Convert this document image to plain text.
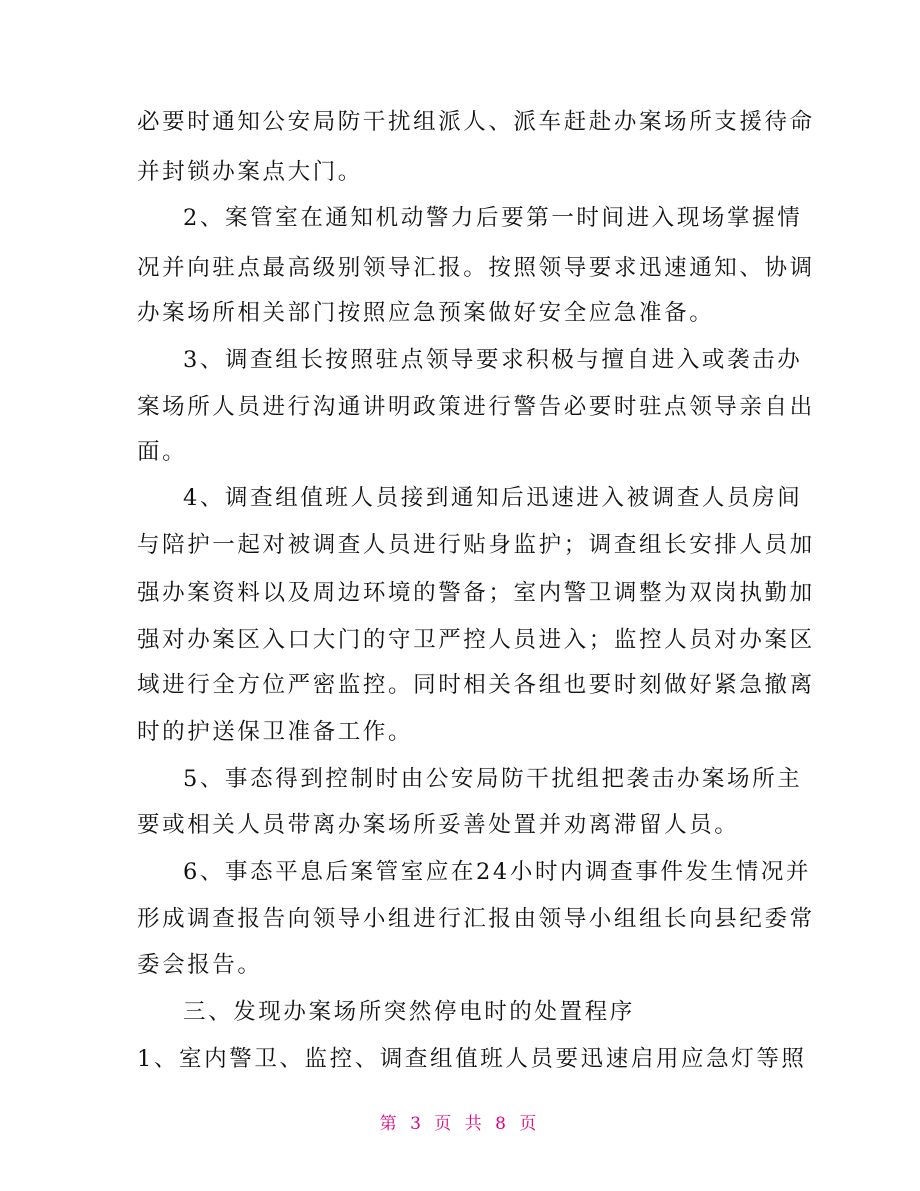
必要时通知公安局防干扰组派人、派车赶赴办案场所支援待命
并封锁办案点大门。
2、案管室在通知机动警力后要第一时间进入现场掌握情
况并向驻点最高级别领导汇报。按照领导要求迅速通知、协调
办案场所相关部门按照应急预案做好安全应急准备。
3、调查组长按照驻点领导要求积极与擅自进入或袭击办
案场所人员进行沟通讲明政策进行警告必要时驻点领导亲自出
面。
4、调查组值班人员接到通知后迅速进入被调查人员房间
与陪护一起对被调查人员进行贴身监护；调查组长安排人员加
强办案资料以及周边环境的警备；室内警卫调整为双岗执勤加
强对办案区入口大门的守卫严控人员进入；监控人员对办案区
域进行全方位严密监控。同时相关各组也要时刻做好紧急撤离
时的护送保卫准备工作。
5、事态得到控制时由公安局防干扰组把袭击办案场所主
要或相关人员带离办案场所妥善处置并劝离滞留人员。
6、事态平息后案管室应在24小时内调查事件发生情况并
形成调查报告向领导小组进行汇报由领导小组组长向县纪委常
委会报告。
三、发现办案场所突然停电时的处置程序
1、室内警卫、监控、调查组值班人员要迅速启用应急灯等照
第 3 页 共 8 页
